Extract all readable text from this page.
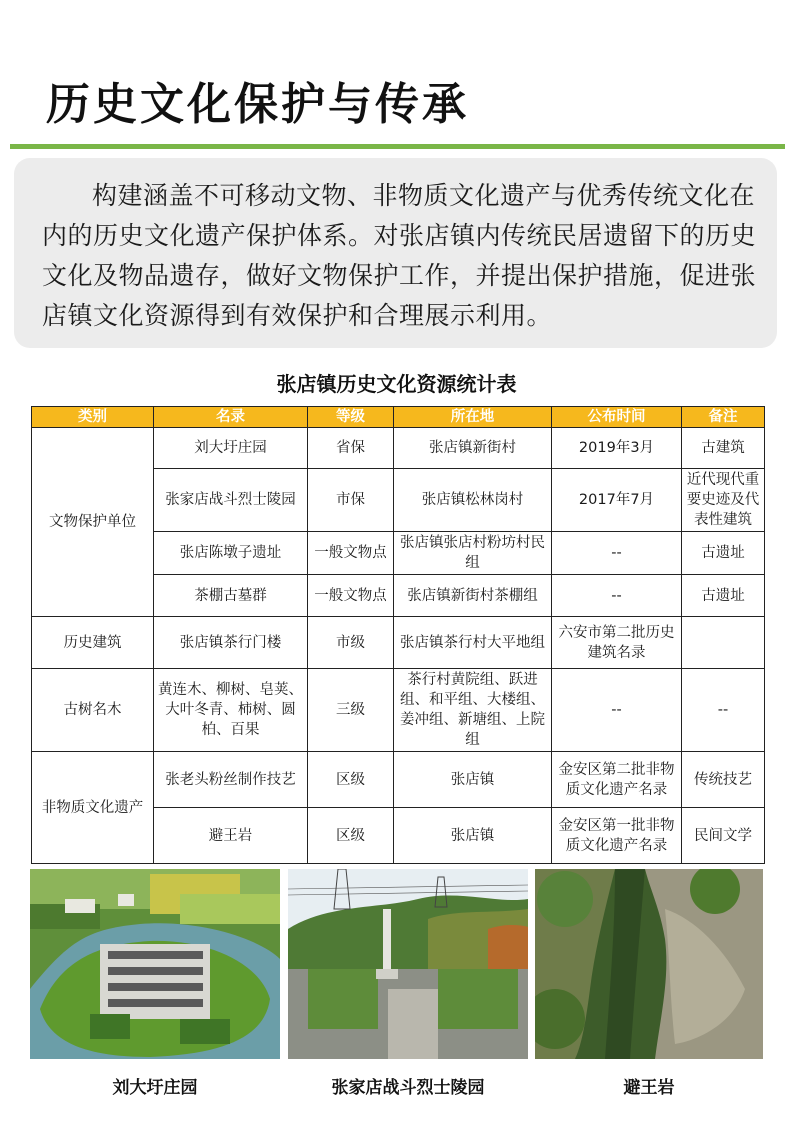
历史文化保护与传承

构建涵盖不可移动文物、非物质文化遗产与优秀传统文化在内的历史文化遗产保护体系。对张店镇内传统民居遗留下的历史文化及物品遗存，做好文物保护工作，并提出保护措施，促进张店镇文化资源得到有效保护和合理展示利用。

张店镇历史文化资源统计表
类别	名录	等级	所在地	公布时间	备注
文物保护单位	刘大圩庄园	省保	张店镇新街村	2019年3月	古建筑
	张家店战斗烈士陵园	市保	张店镇松林岗村	2017年7月	近代现代重要史迹及代表性建筑
	张店陈墩子遗址	一般文物点	张店镇张店村粉坊村民组	--	古遗址
	茶棚古墓群	一般文物点	张店镇新街村茶棚组	--	古遗址
历史建筑	张店镇茶行门楼	市级	张店镇茶行村大平地组	六安市第二批历史建筑名录	
古树名木	黄连木、柳树、皂荚、大叶冬青、柿树、圆柏、百果	三级	茶行村黄院组、跃进组、和平组、大楼组、姜冲组、新塘组、上院组	--	--
非物质文化遗产	张老头粉丝制作技艺	区级	张店镇	金安区第二批非物质文化遗产名录	传统技艺
	避王岩	区级	张店镇	金安区第一批非物质文化遗产名录	民间文学
刘大圩庄园	张家店战斗烈士陵园	避王岩
